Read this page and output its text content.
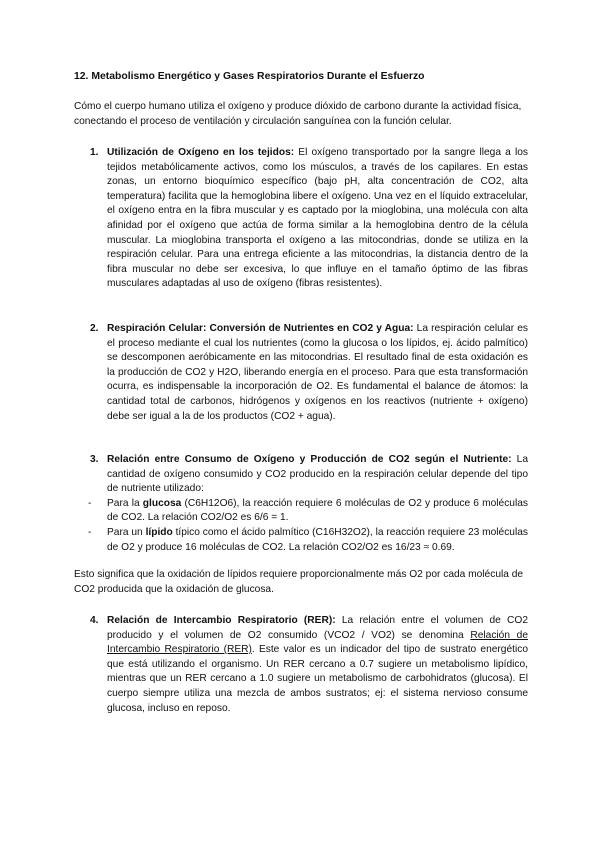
12. Metabolismo Energético y Gases Respiratorios Durante el Esfuerzo

Cómo el cuerpo humano utiliza el oxígeno y produce dióxido de carbono durante la actividad física, conectando el proceso de ventilación y circulación sanguínea con la función celular.

1. Utilización de Oxígeno en los tejidos: El oxígeno transportado por la sangre llega a los tejidos metabólicamente activos, como los músculos, a través de los capilares. En estas zonas, un entorno bioquímico específico (bajo pH, alta concentración de CO2, alta temperatura) facilita que la hemoglobina libere el oxígeno. Una vez en el líquido extracelular, el oxígeno entra en la fibra muscular y es captado por la mioglobina, una molécula con alta afinidad por el oxígeno que actúa de forma similar a la hemoglobina dentro de la célula muscular. La mioglobina transporta el oxígeno a las mitocondrias, donde se utiliza en la respiración celular. Para una entrega eficiente a las mitocondrias, la distancia dentro de la fibra muscular no debe ser excesiva, lo que influye en el tamaño óptimo de las fibras musculares adaptadas al uso de oxígeno (fibras resistentes).
2. Respiración Celular: Conversión de Nutrientes en CO2 y Agua: La respiración celular es el proceso mediante el cual los nutrientes (como la glucosa o los lípidos, ej. ácido palmítico) se descomponen aeróbicamente en las mitocondrias. El resultado final de esta oxidación es la producción de CO2 y H2O, liberando energía en el proceso. Para que esta transformación ocurra, es indispensable la incorporación de O2. Es fundamental el balance de átomos: la cantidad total de carbonos, hidrógenos y oxígenos en los reactivos (nutriente + oxígeno) debe ser igual a la de los productos (CO2 + agua).
3. Relación entre Consumo de Oxígeno y Producción de CO2 según el Nutriente: La cantidad de oxígeno consumido y CO2 producido en la respiración celular depende del tipo de nutriente utilizado:
- Para la glucosa (C6H12O6), la reacción requiere 6 moléculas de O2 y produce 6 moléculas de CO2. La relación CO2/O2 es 6/6 = 1.
- Para un lípido típico como el ácido palmítico (C16H32O2), la reacción requiere 23 moléculas de O2 y produce 16 moléculas de CO2. La relación CO2/O2 es 16/23 ≈ 0.69.
4. Relación de Intercambio Respiratorio (RER): La relación entre el volumen de CO2 producido y el volumen de O2 consumido (VCO2 / VO2) se denomina Relación de Intercambio Respiratorio (RER). Este valor es un indicador del tipo de sustrato energético que está utilizando el organismo. Un RER cercano a 0.7 sugiere un metabolismo lipídico, mientras que un RER cercano a 1.0 sugiere un metabolismo de carbohidratos (glucosa). El cuerpo siempre utiliza una mezcla de ambos sustratos; ej: el sistema nervioso consume glucosa, incluso en reposo.

Esto significa que la oxidación de lípidos requiere proporcionalmente más O2 por cada molécula de CO2 producida que la oxidación de glucosa.
